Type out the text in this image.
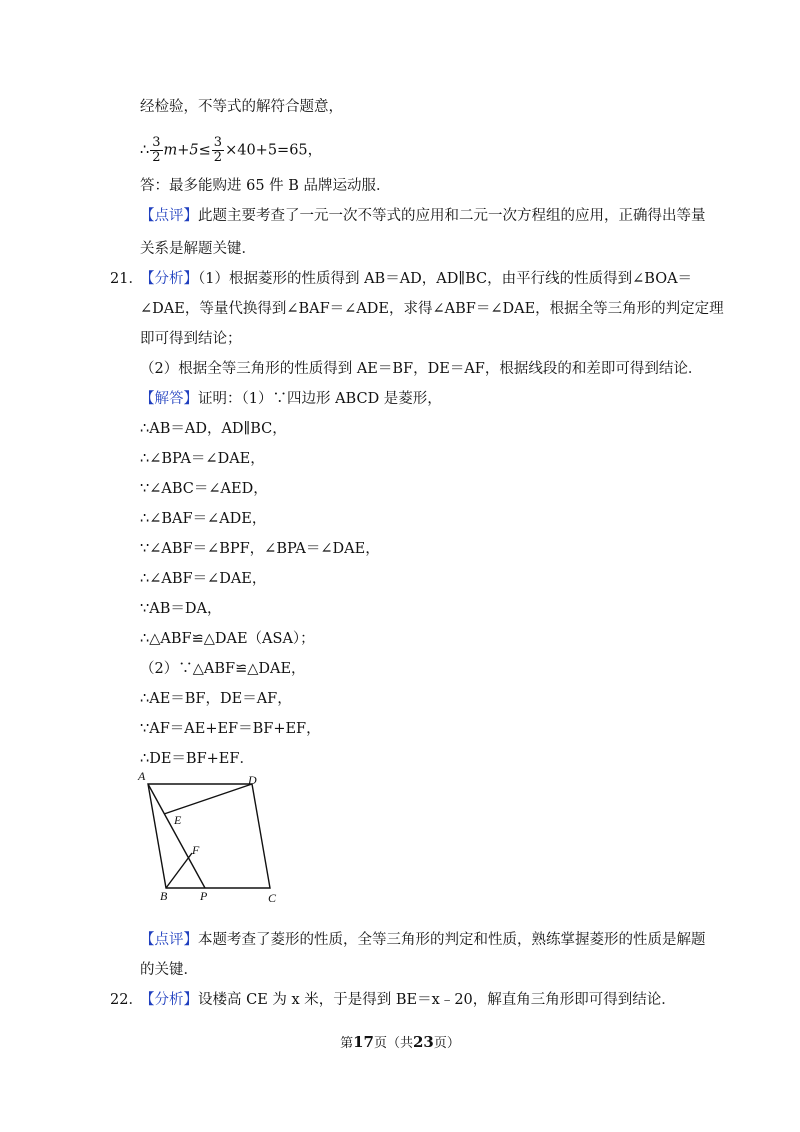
经检验，不等式的解符合题意，
∴ $\frac{3}{2} m+5\le \frac{3}{2} \times 40+5=65$，
答：最多能购进 65 件 B 品牌运动服．
【点评】此题主要考查了一元一次不等式的应用和二元一次方程组的应用，正确得出等量
关系是解题关键．
21．【分析】（1）根据菱形的性质得到 AB＝AD，AD∥BC，由平行线的性质得到∠BOA＝
∠DAE，等量代换得到∠BAF＝∠ADE，求得∠ABF＝∠DAE，根据全等三角形的判定定理
即可得到结论；
（2）根据全等三角形的性质得到 AE＝BF，DE＝AF，根据线段的和差即可得到结论．
【解答】证明：（1）∵四边形 ABCD 是菱形，
∴AB＝AD，AD∥BC，
∴∠BPA＝∠DAE，
∵∠ABC＝∠AED，
∴∠BAF＝∠ADE，
∵∠ABF＝∠BPF，∠BPA＝∠DAE，
∴∠ABF＝∠DAE，
∵AB＝DA，
∴△ABF≌△DAE（ASA）；
（2）∵△ABF≌△DAE，
∴AE＝BF，DE＝AF，
∵AF＝AE+EF＝BF+EF，
∴DE＝BF+EF．
A	D
E
F
B	P	C
【点评】本题考查了菱形的性质，全等三角形的判定和性质，熟练掌握菱形的性质是解题
的关键．
22．【分析】设楼高 CE 为 x 米，于是得到 BE＝x﹣20，解直角三角形即可得到结论．
第17页（共23页）
